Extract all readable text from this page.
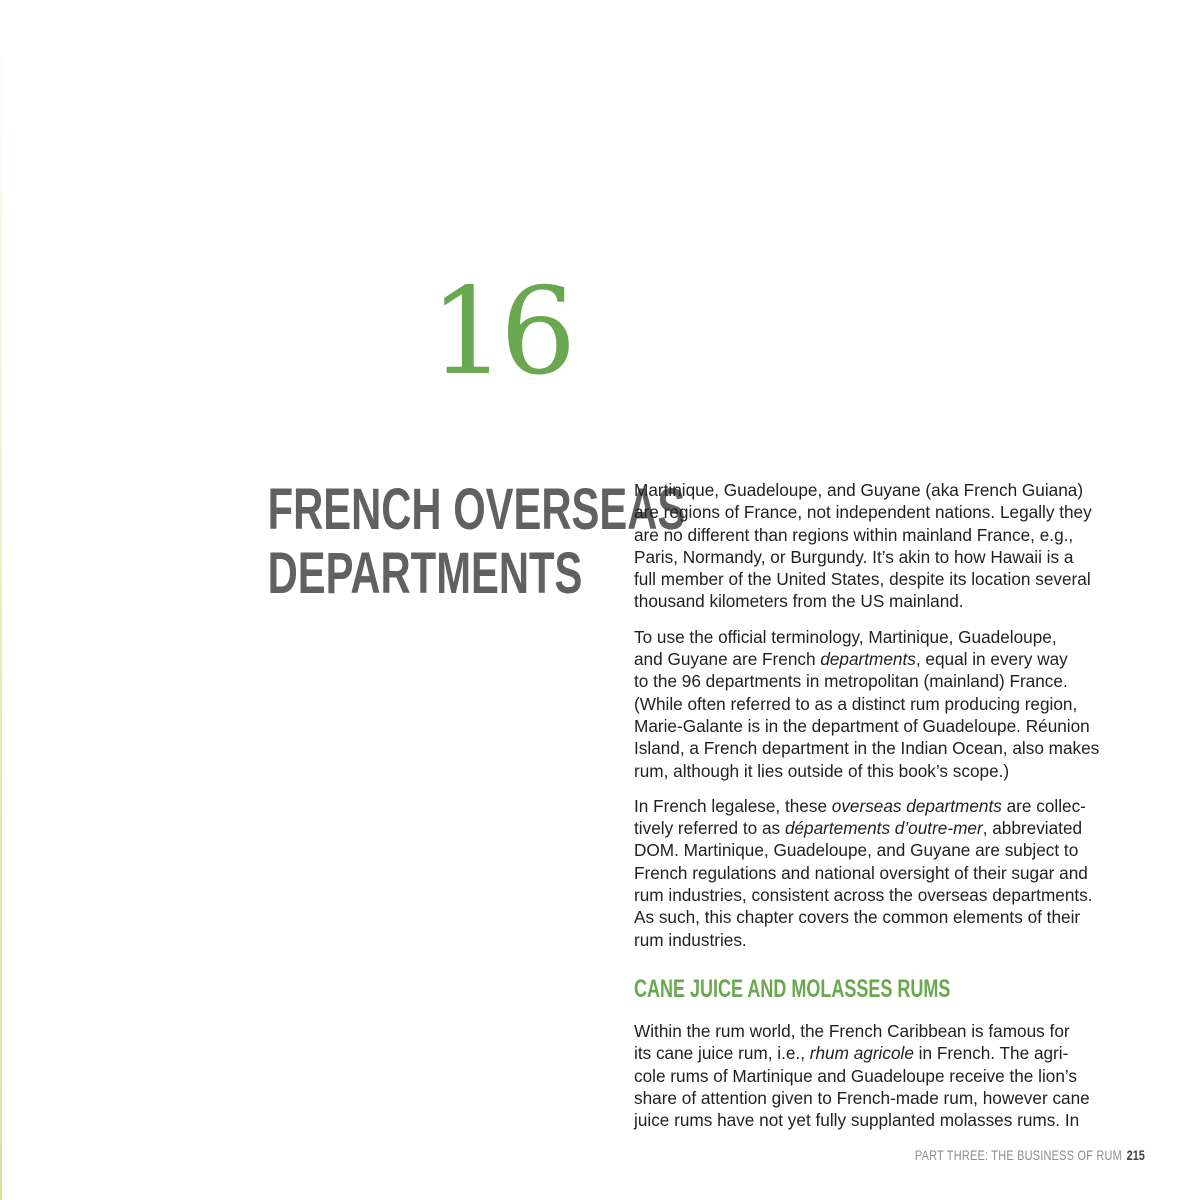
16
FRENCH OVERSEAS
DEPARTMENTS

Martinique, Guadeloupe, and Guyane (aka French Guiana)
are regions of France, not independent nations. Legally they
are no different than regions within mainland France, e.g.,
Paris, Normandy, or Burgundy. It’s akin to how Hawaii is a
full member of the United States, despite its location several
thousand kilometers from the US mainland.

To use the official terminology, Martinique, Guadeloupe,
and Guyane are French departments, equal in every way
to the 96 departments in metropolitan (mainland) France.
(While often referred to as a distinct rum producing region,
Marie-Galante is in the department of Guadeloupe. Réunion
Island, a French department in the Indian Ocean, also makes
rum, although it lies outside of this book’s scope.)

In French legalese, these overseas departments are collec-
tively referred to as départements d’outre-mer, abbreviated
DOM. Martinique, Guadeloupe, and Guyane are subject to
French regulations and national oversight of their sugar and
rum industries, consistent across the overseas departments.
As such, this chapter covers the common elements of their
rum industries.

CANE JUICE AND MOLASSES RUMS

Within the rum world, the French Caribbean is famous for
its cane juice rum, i.e., rhum agricole in French. The agri-
cole rums of Martinique and Guadeloupe receive the lion’s
share of attention given to French-made rum, however cane
juice rums have not yet fully supplanted molasses rums. In

PART THREE: THE BUSINESS OF RUM 215
